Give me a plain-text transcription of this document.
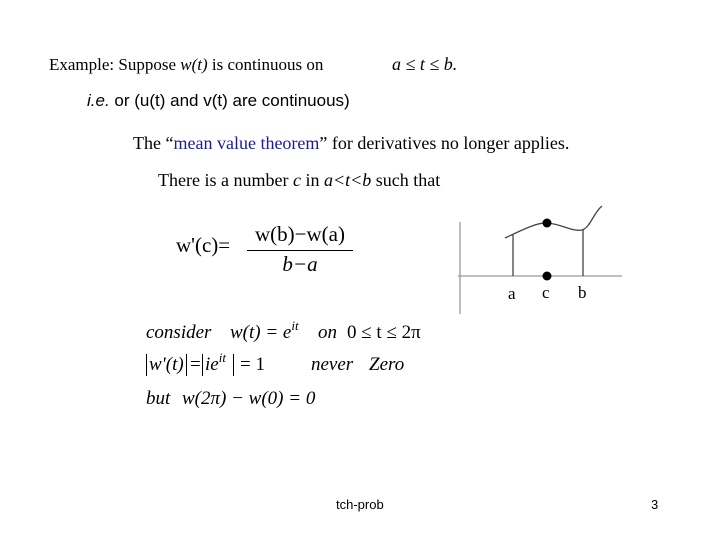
Example: Suppose w(t) is continuous on	a ≤ t ≤ b.
i.e. or (u(t) and v(t) are continuous)
The “mean value theorem” for derivatives no longer applies.
There is a number c in a<t<b such that
w'(c)=	w(b)−w(a)
b−a
a c b
consider $w(t) = e^{it}$ on 0 ≤ t ≤ 2π
$w'(t) = ie^{it} = 1$ never Zero
but w(2π) − w(0) = 0
tch-prob	3
